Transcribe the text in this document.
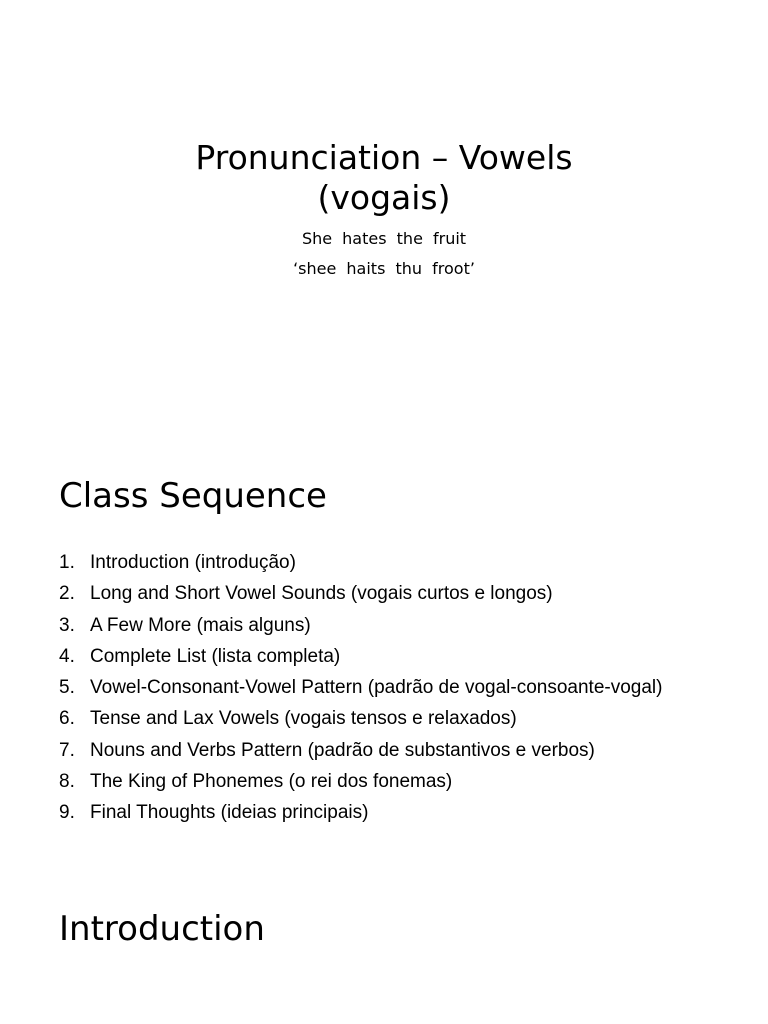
Pronunciation – Vowels
(vogais)

She hates the fruit

‘shee haits thu froot’

Class Sequence
1. Introduction (introdução)
2. Long and Short Vowel Sounds (vogais curtos e longos)
3. A Few More (mais alguns)
4. Complete List (lista completa)
5. Vowel-Consonant-Vowel Pattern (padrão de vogal-consoante-vogal)
6. Tense and Lax Vowels (vogais tensos e relaxados)
7. Nouns and Verbs Pattern (padrão de substantivos e verbos)
8. The King of Phonemes (o rei dos fonemas)
9. Final Thoughts (ideias principais)
Introduction
